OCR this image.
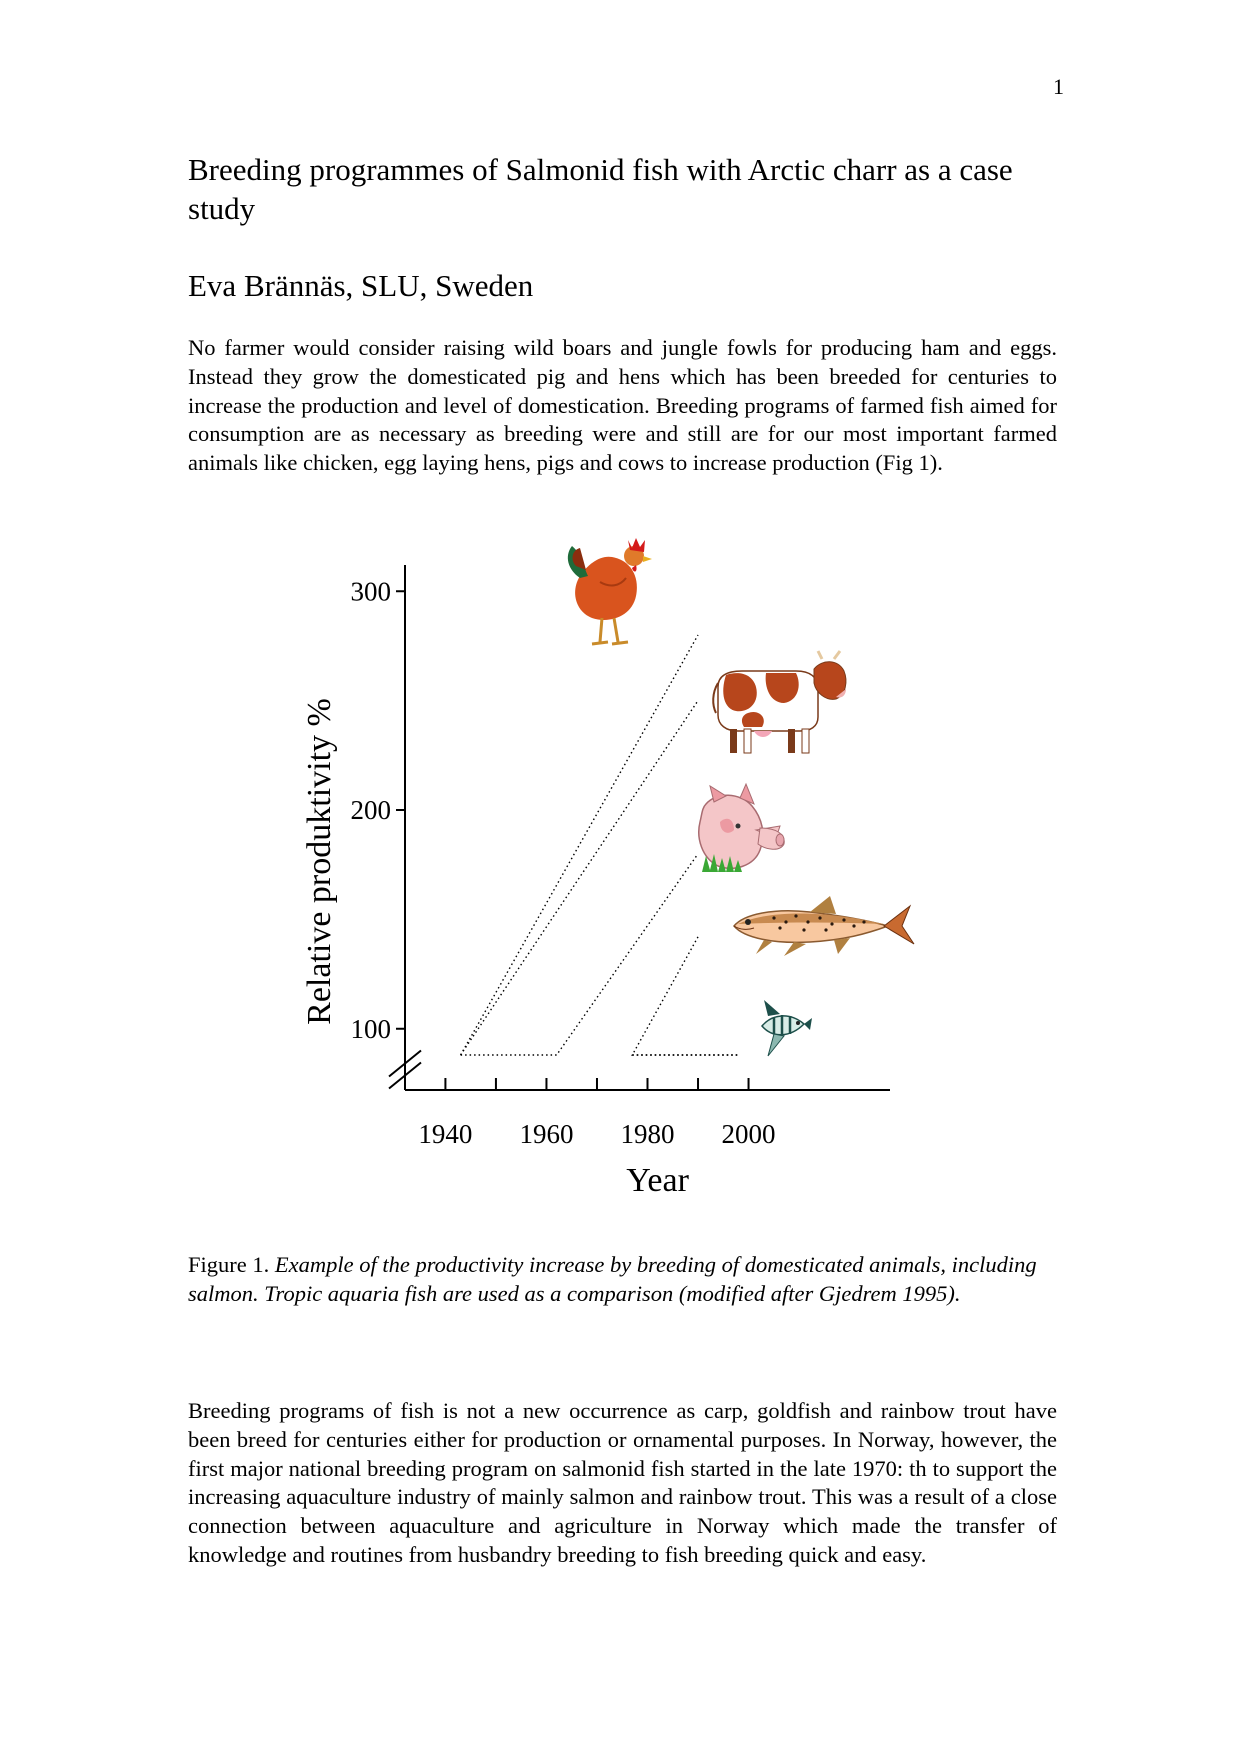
1
Breeding programmes of Salmonid fish with Arctic charr as a case study
Eva Brännäs, SLU, Sweden

No farmer would consider raising wild boars and jungle fowls for producing ham and eggs. Instead they grow the domesticated pig and hens which has been breeded for centuries to increase the production and level of domestication. Breeding programs of farmed fish aimed for consumption are as necessary as breeding were and still are for our most important farmed animals like chicken, egg laying hens, pigs and cows to increase production (Fig 1).

100
200
300
1940 1960 1980 2000
Year
Relative produktivity %

Figure 1. Example of the productivity increase by breeding of domesticated animals, including salmon. Tropic aquaria fish are used as a comparison (modified after Gjedrem 1995).

Breeding programs of fish is not a new occurrence as carp, goldfish and rainbow trout have been breed for centuries either for production or ornamental purposes. In Norway, however, the first major national breeding program on salmonid fish started in the late 1970: th to support the increasing aquaculture industry of mainly salmon and rainbow trout. This was a result of a close connection between aquaculture and agriculture in Norway which made the transfer of knowledge and routines from husbandry breeding to fish breeding quick and easy.
